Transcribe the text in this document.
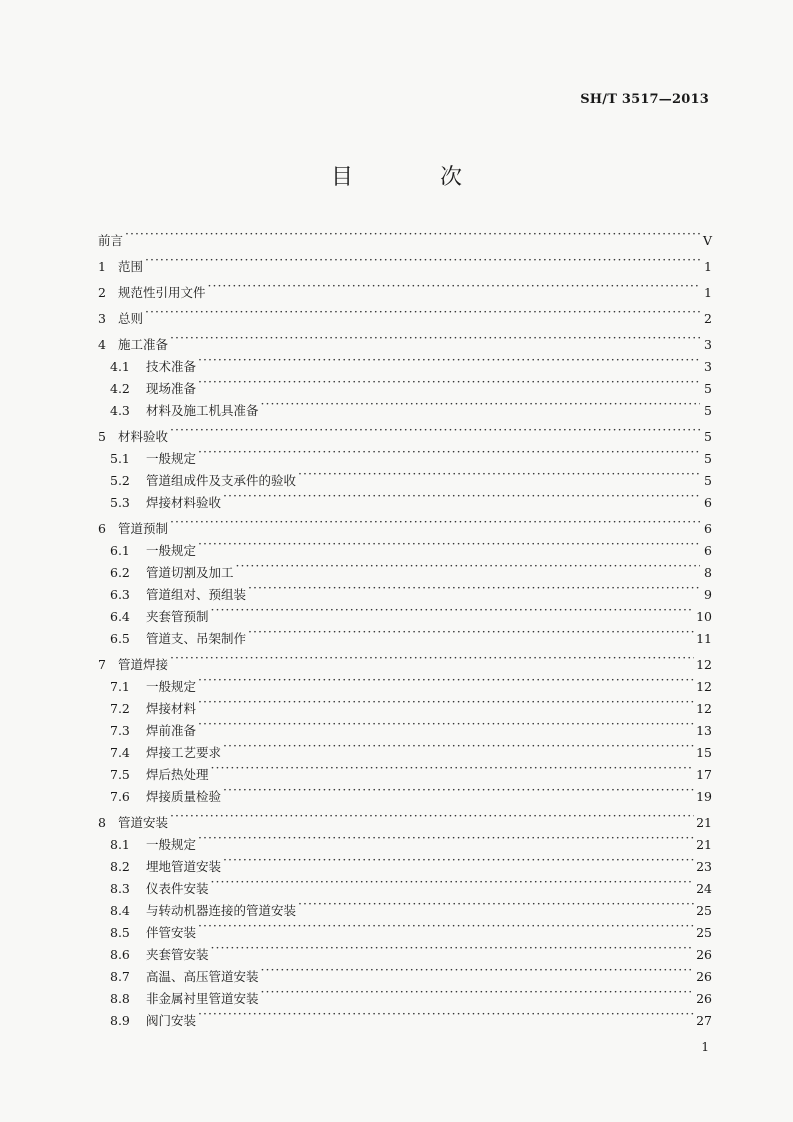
SH/T 3517—2013
目 次
前言 ·····	V
1 范围 ·····	1
2 规范性引用文件 ·····	1
3 总则 ·····	2
4 施工准备 ·····	3
4.1	技术准备 ·····	3
4.2	现场准备 ·····	5
4.3	材料及施工机具准备 ·····	5
5 材料验收 ·····	5
5.1	一般规定 ·····	5
5.2	管道组成件及支承件的验收 ·····	5
5.3	焊接材料验收 ·····	6
6 管道预制 ·····	6
6.1	一般规定 ·····	6
6.2	管道切割及加工 ·····	8
6.3	管道组对、预组装 ·····	9
6.4	夹套管预制 ·····	10
6.5	管道支、吊架制作 ·····	11
7 管道焊接 ·····	12
7.1	一般规定 ·····	12
7.2	焊接材料 ·····	12
7.3	焊前准备 ·····	13
7.4	焊接工艺要求 ·····	15
7.5	焊后热处理 ·····	17
7.6	焊接质量检验 ·····	19
8 管道安装 ·····	21
8.1	一般规定 ·····	21
8.2	埋地管道安装 ·····	23
8.3	仪表件安装 ·····	24
8.4	与转动机器连接的管道安装 ·····	25
8.5	伴管安装 ·····	25
8.6	夹套管安装 ·····	26
8.7	高温、高压管道安装 ·····	26
8.8	非金属衬里管道安装 ·····	26
8.9	阀门安装 ·····	27
1
